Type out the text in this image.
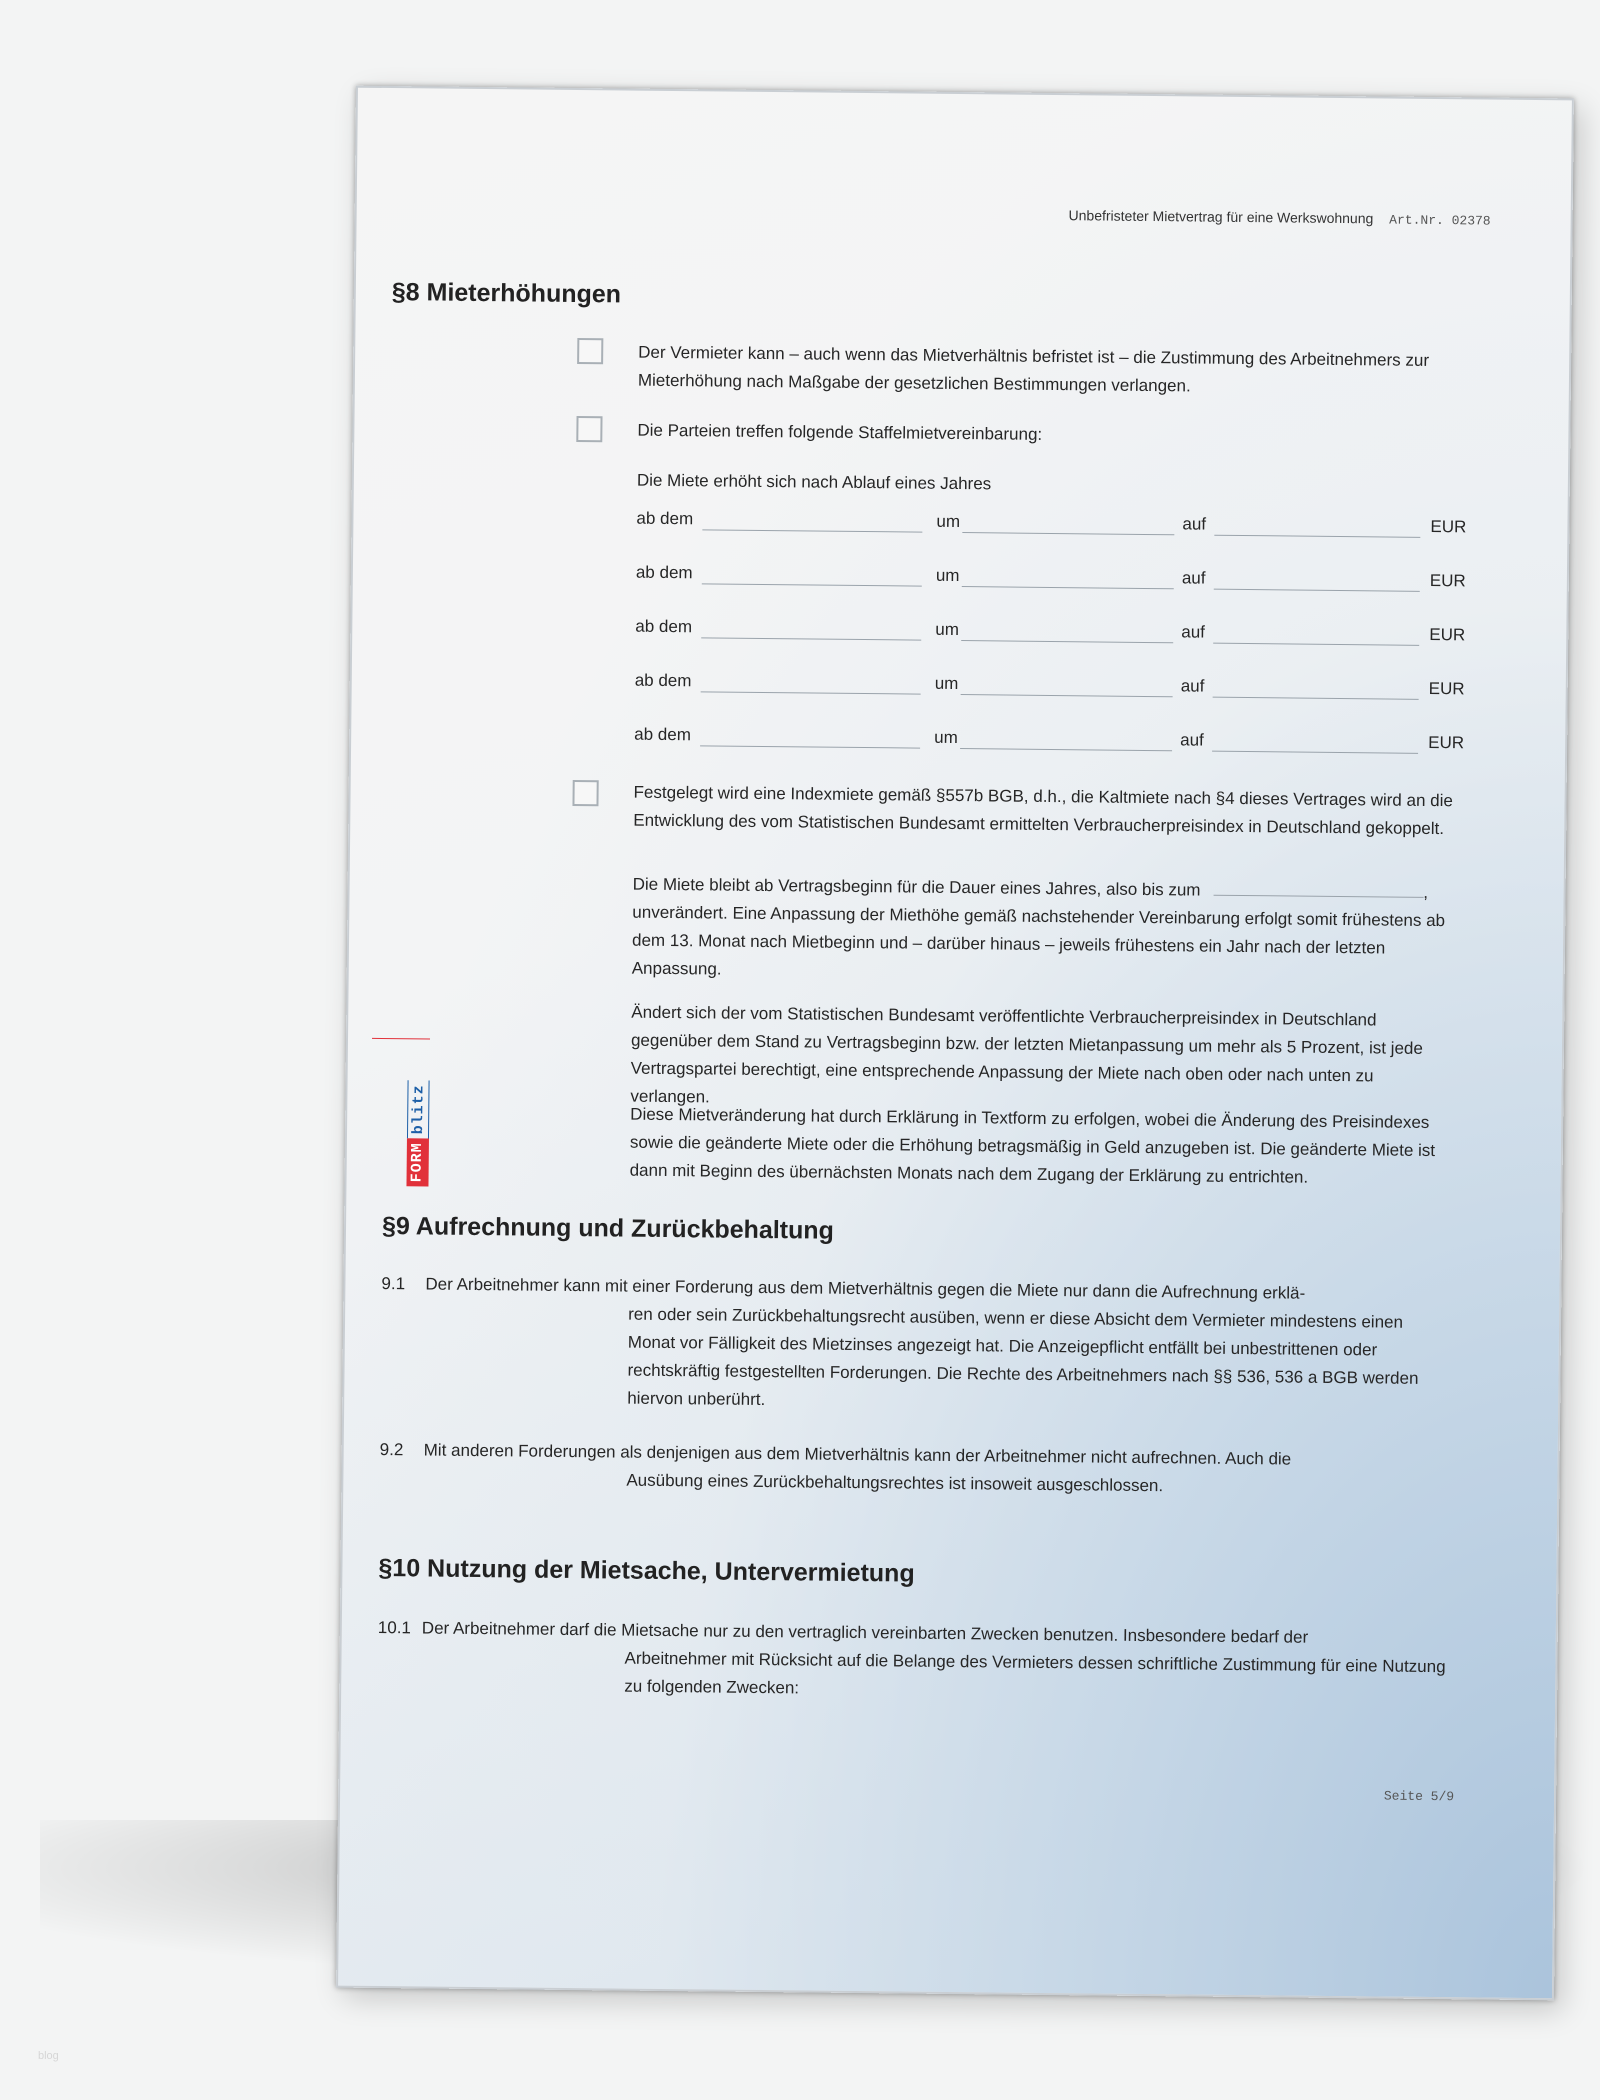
Unbefristeter Mietvertrag für eine Werkswohnung Art.Nr. 02378
§8 Mieterhöhungen

Der Vermieter kann – auch wenn das Mietverhältnis befristet ist – die Zustimmung des Arbeitnehmers zur Mieterhöhung nach Maßgabe der gesetzlichen Bestimmungen verlangen.

Die Parteien treffen folgende Staffelmietvereinbarung:

Die Miete erhöht sich nach Ablauf eines Jahres

ab dem	um	auf	EUR
ab dem	um	auf	EUR
ab dem	um	auf	EUR
ab dem	um	auf	EUR
ab dem	um	auf	EUR

Festgelegt wird eine Indexmiete gemäß §557b BGB, d.h., die Kaltmiete nach §4 dieses Vertrages wird an die Entwicklung des vom Statistischen Bundesamt ermittelten Verbraucherpreisindex in Deutschland gekoppelt.

Die Miete bleibt ab Vertragsbeginn für die Dauer eines Jahres, also bis zum	, unverändert. Eine Anpassung der Miethöhe gemäß nachstehender Vereinbarung erfolgt somit frühestens ab dem 13. Monat nach Mietbeginn und – darüber hinaus – jeweils frühestens ein Jahr nach der letzten Anpassung.

Ändert sich der vom Statistischen Bundesamt veröffentlichte Verbraucherpreisindex in Deutschland gegenüber dem Stand zu Vertragsbeginn bzw. der letzten Mietanpassung um mehr als 5 Prozent, ist jede Vertragspartei berechtigt, eine entsprechende Anpassung der Miete nach oben oder nach unten zu verlangen.

Diese Mietveränderung hat durch Erklärung in Textform zu erfolgen, wobei die Änderung des Preisindexes sowie die geänderte Miete oder die Erhöhung betragsmäßig in Geld anzugeben ist. Die geänderte Miete ist dann mit Beginn des übernächsten Monats nach dem Zugang der Erklärung zu entrichten.

§9 Aufrechnung und Zurückbehaltung
9.1 Der Arbeitnehmer kann mit einer Forderung aus dem Mietverhältnis gegen die Miete nur dann die Aufrechnung erklä-

ren oder sein Zurückbehaltungsrecht ausüben, wenn er diese Absicht dem Vermieter mindestens einen Monat vor Fälligkeit des Mietzinses angezeigt hat. Die Anzeigepflicht entfällt bei unbestrittenen oder rechtskräftig festgestellten Forderungen. Die Rechte des Arbeitnehmers nach §§ 536, 536 a BGB werden hiervon unberührt.

9.2 Mit anderen Forderungen als denjenigen aus dem Mietverhältnis kann der Arbeitnehmer nicht aufrechnen. Auch die

Ausübung eines Zurückbehaltungsrechtes ist insoweit ausgeschlossen.

§10 Nutzung der Mietsache, Untervermietung
10.1 Der Arbeitnehmer darf die Mietsache nur zu den vertraglich vereinbarten Zwecken benutzen. Insbesondere bedarf der

Arbeitnehmer mit Rücksicht auf die Belange des Vermieters dessen schriftliche Zustimmung für eine Nutzung zu folgenden Zwecken:

Seite 5/9
FORM
blitz
blog
